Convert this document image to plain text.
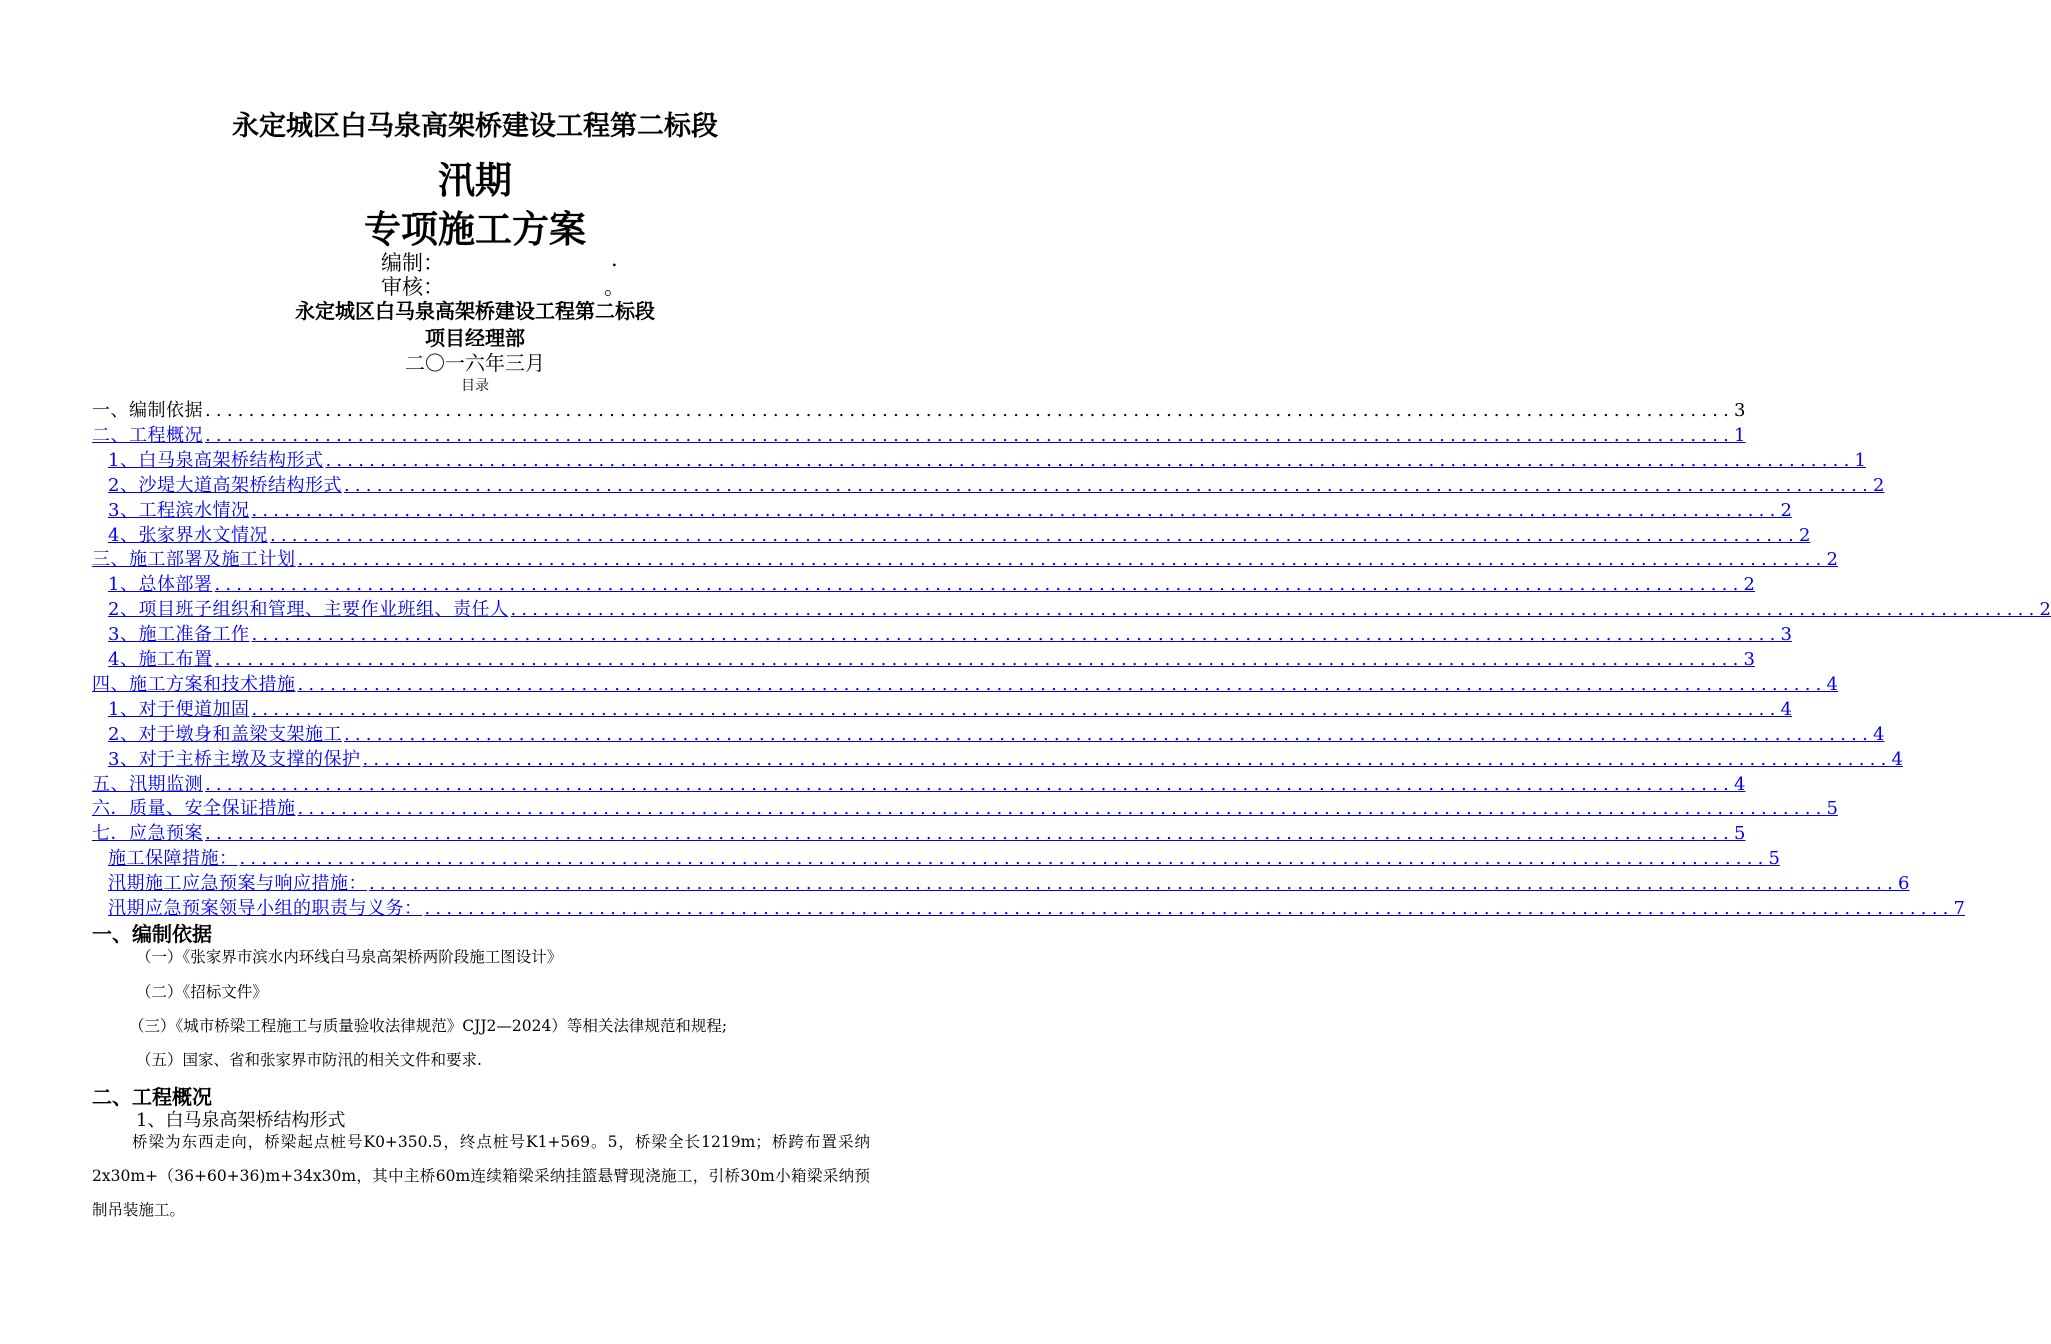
永定城区白马泉高架桥建设工程第二标段
汛期
专项施工方案
编制：	.
审核：	。
永定城区白马泉高架桥建设工程第二标段
项目经理部
二〇一六年三月
目录
一、编制依据 ............................................................................................................................................ 3
二、工程概况 ............................................................................................................................................ 1
1、白马泉高架桥结构形式 ............................................................................................................................................ 1
2、沙堤大道高架桥结构形式 ............................................................................................................................................ 2
3、工程滨水情况 ............................................................................................................................................ 2
4、张家界水文情况 ............................................................................................................................................ 2
三、施工部署及施工计划 ............................................................................................................................................ 2
1、总体部署 ............................................................................................................................................ 2
2、项目班子组织和管理、主要作业班组、责任人 ............................................................................................................................................ 2
3、施工准备工作 ............................................................................................................................................ 3
4、施工布置 ............................................................................................................................................ 3
四、施工方案和技术措施 ............................................................................................................................................ 4
1、对于便道加固 ............................................................................................................................................ 4
2、对于墩身和盖梁支架施工 ............................................................................................................................................ 4
3、对于主桥主墩及支撑的保护 ............................................................................................................................................ 4
五、汛期监测 ............................................................................................................................................ 4
六．质量、安全保证措施 ............................................................................................................................................ 5
七．应急预案 ............................................................................................................................................ 5
施工保障措施： ............................................................................................................................................ 5
汛期施工应急预案与响应措施： ............................................................................................................................................ 6
汛期应急预案领导小组的职责与义务： ............................................................................................................................................ 7
一、编制依据
（一）《张家界市滨水内环线白马泉高架桥两阶段施工图设计》
（二）《招标文件》
（三）《城市桥梁工程施工与质量验收法律规范》CJJ2—2024）等相关法律规范和规程;
（五）国家、省和张家界市防汛的相关文件和要求.
二、工程概况
1、白马泉高架桥结构形式
桥梁为东西走向，桥梁起点桩号K0+350.5，终点桩号K1+569。5，桥梁全长1219m；桥跨布置采纳2x30m+（36+60+36)m+34x30m，其中主桥60m连续箱梁采纳挂篮悬臂现浇施工，引桥30m小箱梁采纳预制吊装施工。
